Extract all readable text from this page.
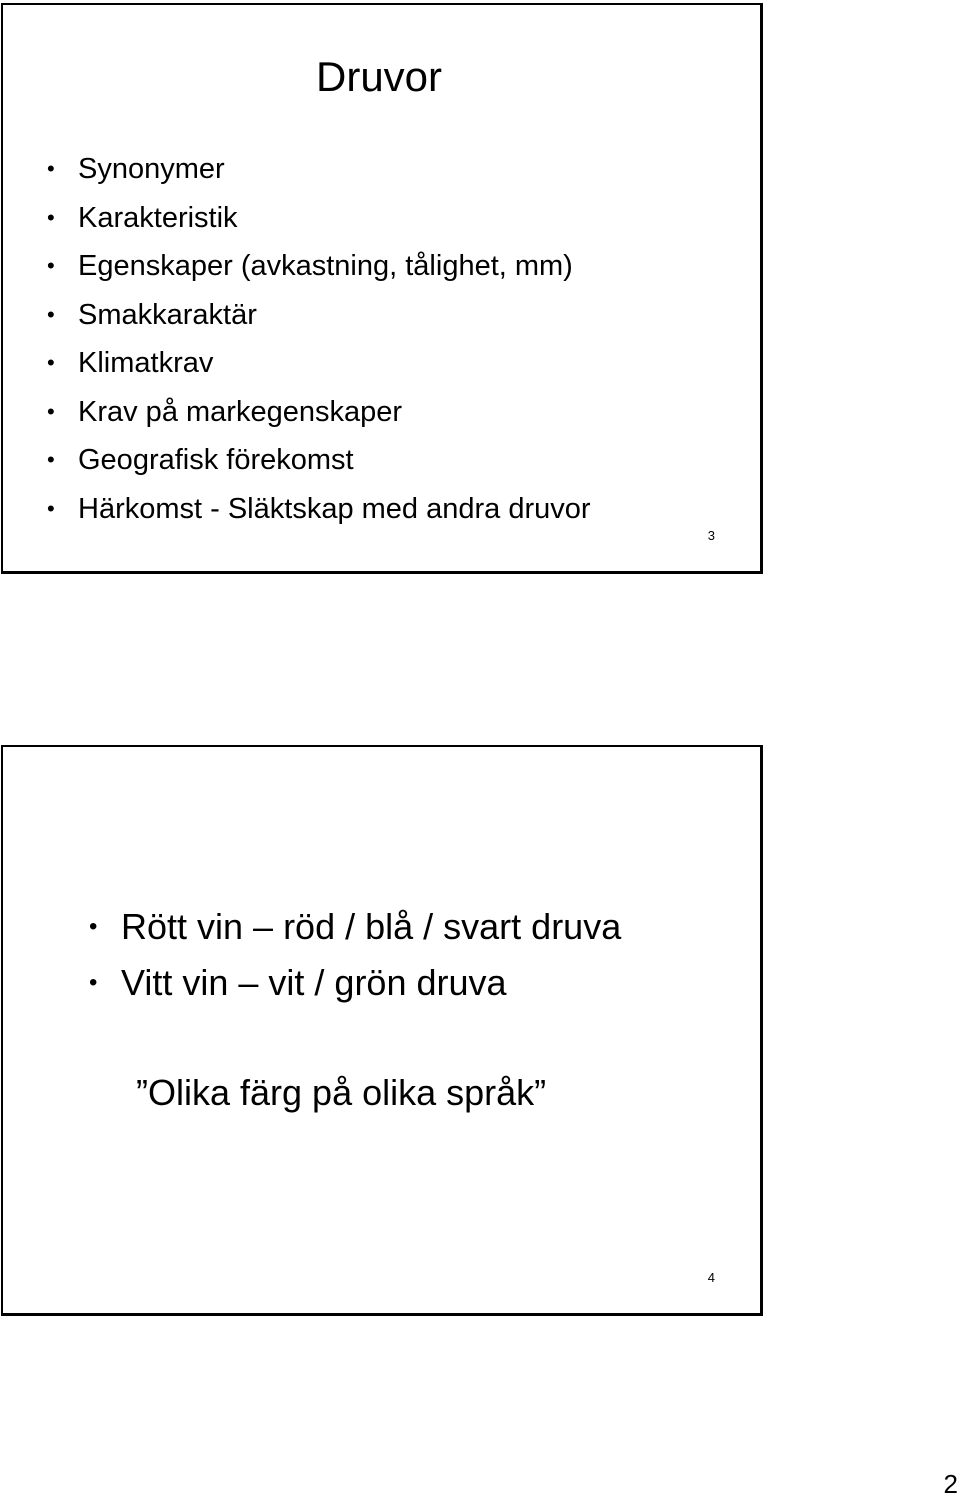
Druvor
• Synonymer
• Karakteristik
• Egenskaper (avkastning, tålighet, mm)
• Smakkaraktär
• Klimatkrav
• Krav på markegenskaper
• Geografisk förekomst
• Härkomst - Släktskap med andra druvor
3
• Rött vin – röd / blå / svart druva
• Vitt vin – vit / grön druva

”Olika färg på olika språk”

4
2
